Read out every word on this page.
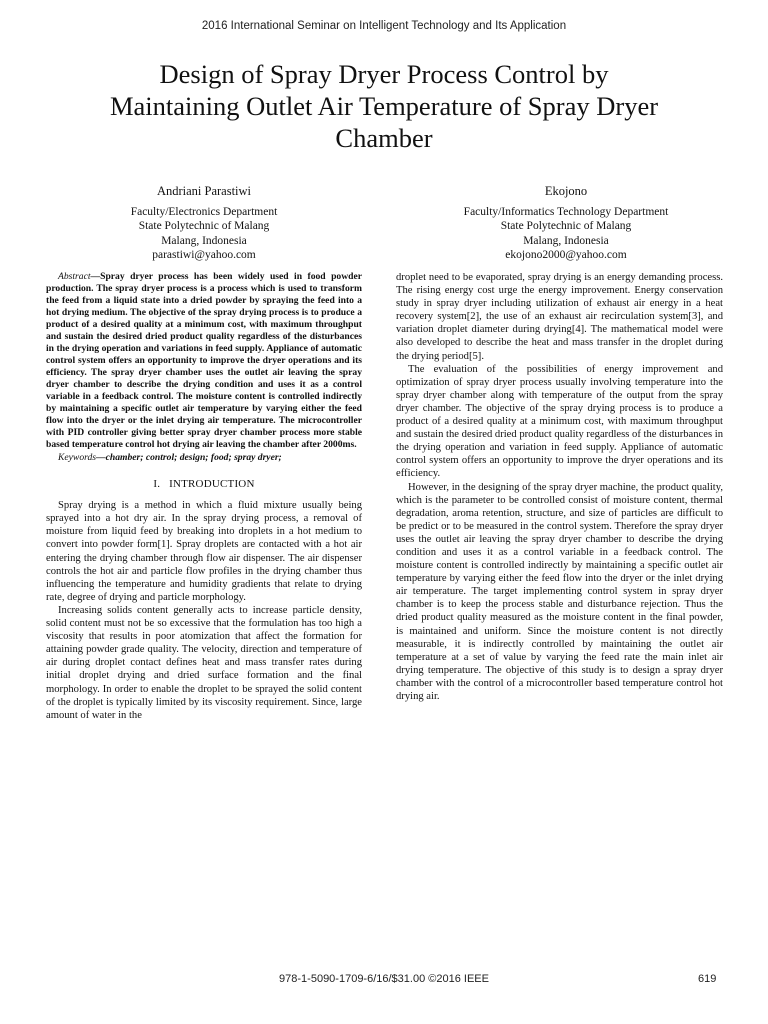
2016 International Seminar on Intelligent Technology and Its Application
Design of Spray Dryer Process Control by
Maintaining Outlet Air Temperature of Spray Dryer
Chamber
Andriani Parastiwi
Faculty/Electronics Department
State Polytechnic of Malang
Malang, Indonesia
parastiwi@yahoo.com
Ekojono
Faculty/Informatics Technology Department
State Polytechnic of Malang
Malang, Indonesia
ekojono2000@yahoo.com

Abstract—Spray dryer process has been widely used in food powder production. The spray dryer process is a process which is used to transform the feed from a liquid state into a dried powder by spraying the feed into a hot drying medium. The objective of the spray drying process is to produce a product of a desired quality at a minimum cost, with maximum throughput and sustain the desired dried product quality regardless of the disturbances in the drying operation and variations in feed supply. Appliance of automatic control system offers an opportunity to improve the dryer operations and its efficiency. The spray dryer chamber uses the outlet air leaving the spray dryer chamber to describe the drying condition and uses it as a control variable in a feedback control. The moisture content is controlled indirectly by maintaining a specific outlet air temperature by varying either the feed flow into the dryer or the inlet drying air temperature. The microcontroller with PID controller giving better spray dryer chamber process more stable based temperature control hot drying air leaving the chamber after 2000ms.

Keywords—chamber; control; design; food; spray dryer;

I. INTRODUCTION

Spray drying is a method in which a fluid mixture usually being sprayed into a hot dry air. In the spray drying process, a removal of moisture from liquid feed by breaking into droplets in a hot medium to convert into powder form[1]. Spray droplets are contacted with a hot air entering the drying chamber through flow air dispenser. The air dispenser controls the hot air and particle flow profiles in the drying chamber thus influencing the temperature and humidity gradients that relate to drying rate, degree of drying and particle morphology.

Increasing solids content generally acts to increase particle density, solid content must not be so excessive that the formulation has too high a viscosity that results in poor atomization that affect the formation for attaining powder grade quality. The velocity, direction and temperature of air during droplet contact defines heat and mass transfer rates during initial droplet drying and dried surface formation and the final morphology. In order to enable the droplet to be sprayed the solid content of the droplet is typically limited by its viscosity requirement. Since, large amount of water in the

droplet need to be evaporated, spray drying is an energy demanding process. The rising energy cost urge the energy improvement. Energy conservation study in spray dryer including utilization of exhaust air energy in a heat recovery system[2], the use of an exhaust air recirculation system[3], and variation droplet diameter during drying[4]. The mathematical model were also developed to describe the heat and mass transfer in the droplet during the drying period[5].

The evaluation of the possibilities of energy improvement and optimization of spray dryer process usually involving temperature into the spray dryer chamber along with temperature of the output from the spray dryer chamber. The objective of the spray drying process is to produce a product of a desired quality at a minimum cost, with maximum throughput and sustain the desired dried product quality regardless of the disturbances in the drying operation and variation in feed supply. Appliance of automatic control system offers an opportunity to improve the dryer operations and its efficiency.

However, in the designing of the spray dryer machine, the product quality, which is the parameter to be controlled consist of moisture content, thermal degradation, aroma retention, structure, and size of particles are difficult to be predict or to be measured in the control system. Therefore the spray dryer uses the outlet air leaving the spray dryer chamber to describe the drying condition and uses it as a control variable in a feedback control. The moisture content is controlled indirectly by maintaining a specific outlet air temperature by varying either the feed flow into the dryer or the inlet drying air temperature. The target implementing control system in spray dryer chamber is to keep the process stable and disturbance rejection. Thus the dried product quality measured as the moisture content in the final powder, is maintained and uniform. Since the moisture content is not directly measurable, it is indirectly controlled by maintaining the outlet air temperature at a set of value by varying the feed rate the main inlet air drying temperature. The objective of this study is to design a spray dryer chamber with the control of a microcontroller based temperature control hot drying air.

978-1-5090-1709-6/16/$31.00 ©2016 IEEE	619
